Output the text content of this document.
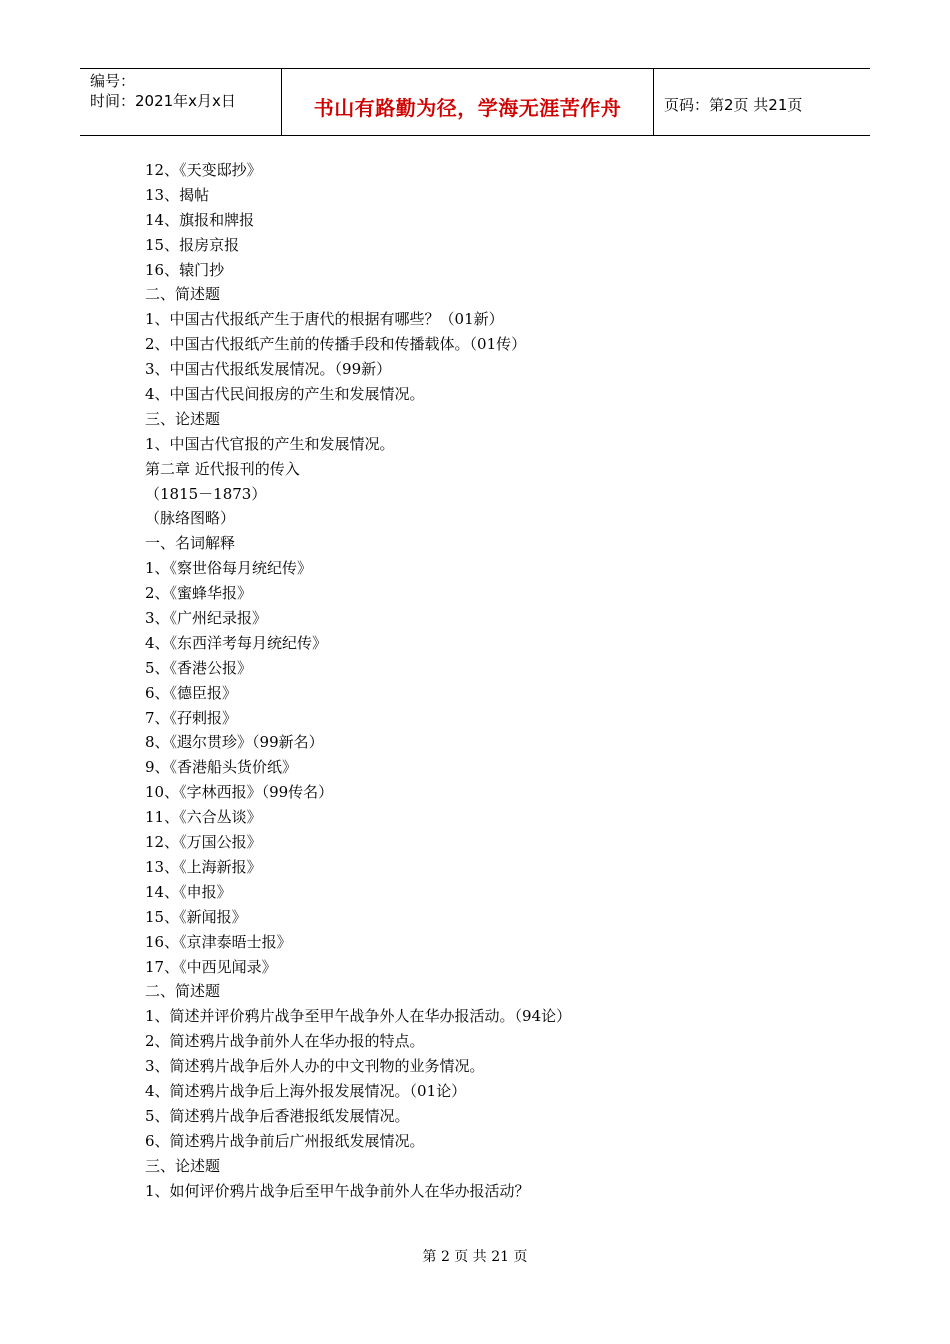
编号：
时间：2021年x月x日	书山有路勤为径，学海无涯苦作舟	页码：第2页 共21页
12、《天变邸抄》
13、揭帖
14、旗报和牌报
15、报房京报
16、辕门抄
二、简述题
1、中国古代报纸产生于唐代的根据有哪些？（01新）
2、中国古代报纸产生前的传播手段和传播载体。（01传）
3、中国古代报纸发展情况。（99新）
4、中国古代民间报房的产生和发展情况。
三、论述题
1、中国古代官报的产生和发展情况。
第二章 近代报刊的传入
（1815－1873）
（脉络图略）
一、名词解释
1、《察世俗每月统纪传》
2、《蜜蜂华报》
3、《广州纪录报》
4、《东西洋考每月统纪传》
5、《香港公报》
6、《德臣报》
7、《孖剌报》
8、《遐尔贯珍》（99新名）
9、《香港船头货价纸》
10、《字林西报》（99传名）
11、《六合丛谈》
12、《万国公报》
13、《上海新报》
14、《申报》
15、《新闻报》
16、《京津泰晤士报》
17、《中西见闻录》
二、简述题
1、简述并评价鸦片战争至甲午战争外人在华办报活动。（94论）
2、简述鸦片战争前外人在华办报的特点。
3、简述鸦片战争后外人办的中文刊物的业务情况。
4、简述鸦片战争后上海外报发展情况。（01论）
5、简述鸦片战争后香港报纸发展情况。
6、简述鸦片战争前后广州报纸发展情况。
三、论述题
1、如何评价鸦片战争后至甲午战争前外人在华办报活动？
第 2 页 共 21 页
